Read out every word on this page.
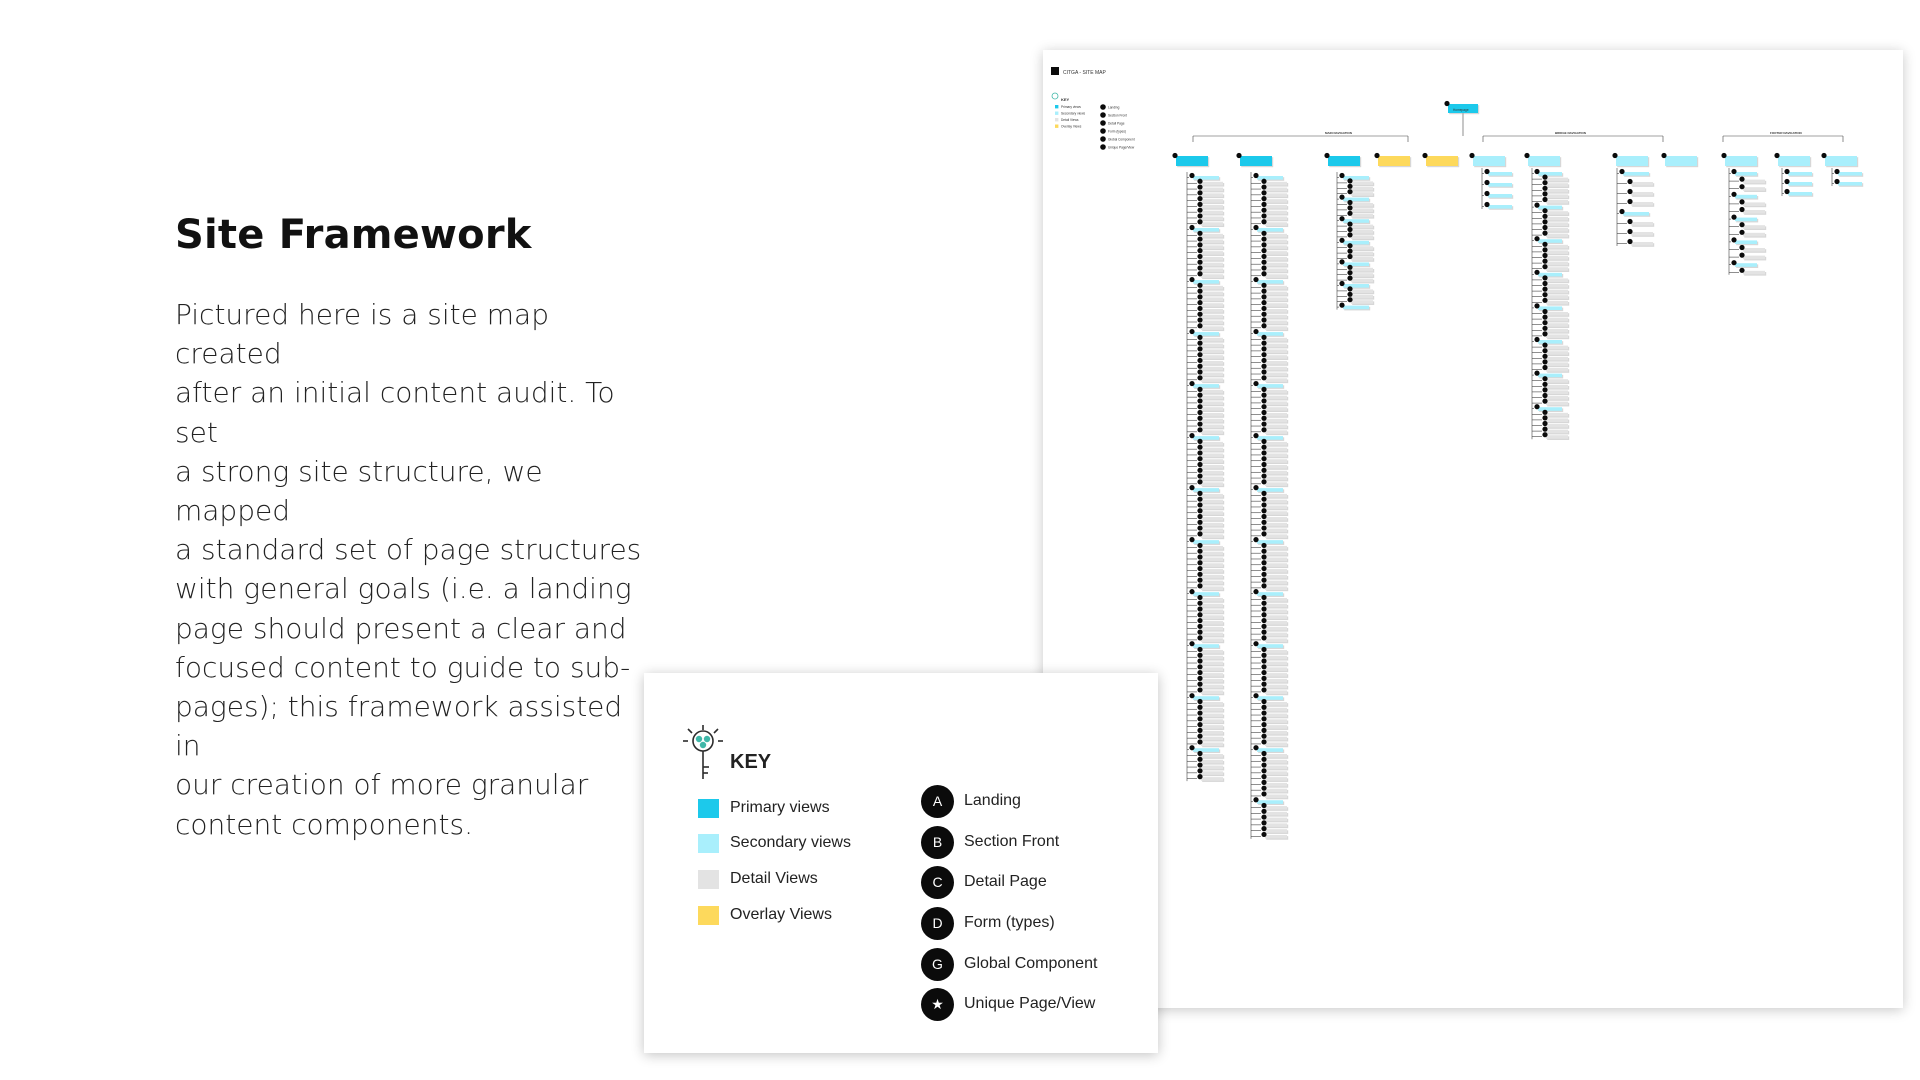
Site Framework

Pictured here is a site map created
after an initial content audit. To set
a strong site structure, we mapped
a standard set of page structures
with general goals (i.e. a landing
page should present a clear and
focused content to guide to sub-
pages); this framework assisted in
our creation of more granular
content components.

CITGA - SITE MAP
KEY
Primary views
Secondary views
Detail Views
Overlay Views
Landing
Section Front
Detail Page
Form (types)
Global Component
Unique Page/View
Homepage
MAIN NAVIGATION	BRIDGE NAVIGATION	FOOTER NAVIGATION
KEY
Primary views
Secondary views
Detail Views
Overlay Views
A	Landing
B	Section Front
C	Detail Page
D	Form (types)
G	Global Component
★	Unique Page/View
